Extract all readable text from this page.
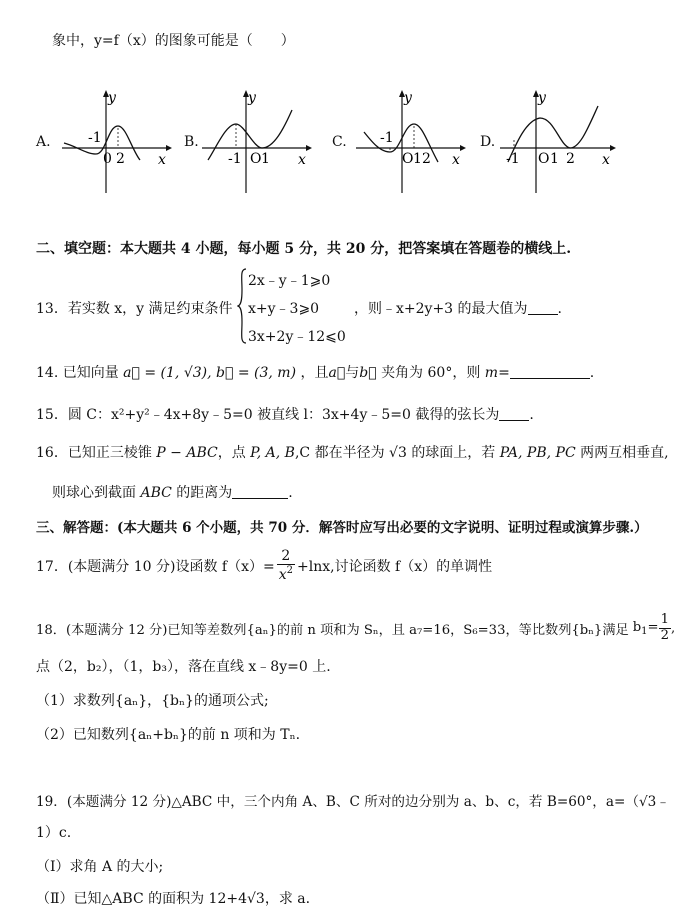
象中，y=f（x）的图象可能是（　　）
A.
y
-1
0 2 x
B.
y
-1 O 1 x
C.
y
-1
O 1 2 x
D.
y
-1 O 1 2 x
二、填空题：本大题共 4 小题，每小题 5 分，共 20 分，把答案填在答题卷的横线上.
13．若实数 x，y 满足约束条件
2x﹣y﹣1⩾0
x+y﹣3⩾0
3x+2y﹣12⩽0
，则﹣x+2y+3 的最大值为 .
14. 已知向量 a⃗ = (1, √3), b⃗ = (3, m) ，且a⃗与b⃗ 夹角为 60°，则 m=	.
15．圆 C：x²+y²﹣4x+8y﹣5=0 被直线 l：3x+4y﹣5=0 截得的弦长为 .
16．已知正三棱锥 P − ABC，点 P, A, B,C 都在半径为 √3 的球面上，若 PA, PB, PC 两两互相垂直,
则球心到截面 ABC 的距离为	.
三、解答题：(本大题共 6 个小题，共 70 分．解答时应写出必要的文字说明、证明过程或演算步骤.）
17．(本题满分 10 分)设函数 $f(x)= \frac{2}{x^2} +\ln x$,讨论函数 f（x）的单调性
18．(本题满分 12 分)已知等差数列{aₙ}的前 n 项和为 Sₙ，且 a₇=16，S₆=33，等比数列{bₙ}满足 $b_1= \frac{1}{2}$ ,
点（2，b₂），（1，b₃），落在直线 x﹣8y=0 上.
（1）求数列{aₙ}，{bₙ}的通项公式;
（2）已知数列{aₙ+bₙ}的前 n 项和为 Tₙ.
19．(本题满分 12 分)△ABC 中，三个内角 A、B、C 所对的边分别为 a、b、c，若 B=60°，a=（√3﹣
1）c.
（Ⅰ）求角 A 的大小;
（Ⅱ）已知△ABC 的面积为 12+4√3，求 a.
